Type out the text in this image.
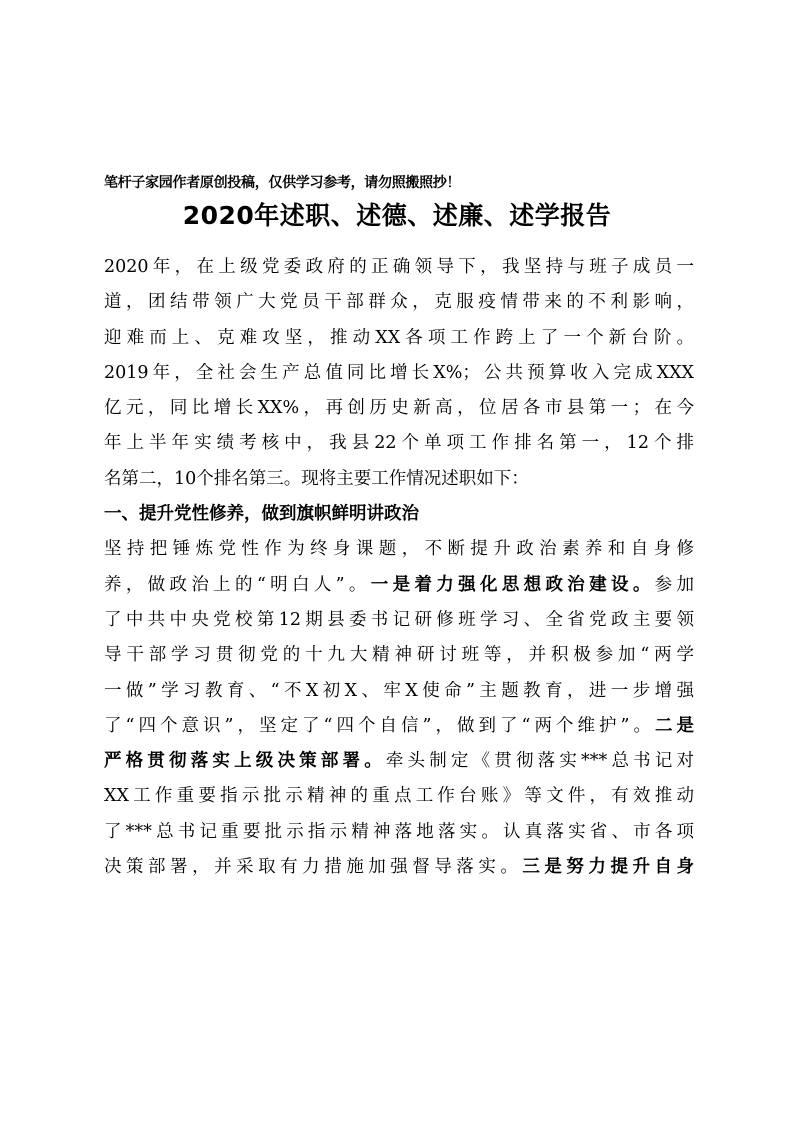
笔杆子家园作者原创投稿，仅供学习参考，请勿照搬照抄！
2020年述职、述德、述廉、述学报告
2020年，在上级党委政府的正确领导下，我坚持与班子成员一
道，团结带领广大党员干部群众，克服疫情带来的不利影响，
迎难而上、克难攻坚，推动XX各项工作跨上了一个新台阶。
2019年，全社会生产总值同比增长X%；公共预算收入完成XXX
亿元，同比增长XX%，再创历史新高，位居各市县第一；在今
年上半年实绩考核中，我县22个单项工作排名第一，12个排
名第二，10个排名第三。现将主要工作情况述职如下：
一、提升党性修养，做到旗帜鲜明讲政治
坚持把锤炼党性作为终身课题，不断提升政治素养和自身修
养，做政治上的“明白人”。一是着力强化思想政治建设。参加
了中共中央党校第12期县委书记研修班学习、全省党政主要领
导干部学习贯彻党的十九大精神研讨班等，并积极参加“两学
一做”学习教育、“不X初X、牢X使命”主题教育，进一步增强
了“四个意识”，坚定了“四个自信”，做到了“两个维护”。二是
严格贯彻落实上级决策部署。牵头制定《贯彻落实***总书记对
XX工作重要指示批示精神的重点工作台账》等文件，有效推动
了***总书记重要批示指示精神落地落实。认真落实省、市各项
决策部署，并采取有力措施加强督导落实。三是努力提升自身
